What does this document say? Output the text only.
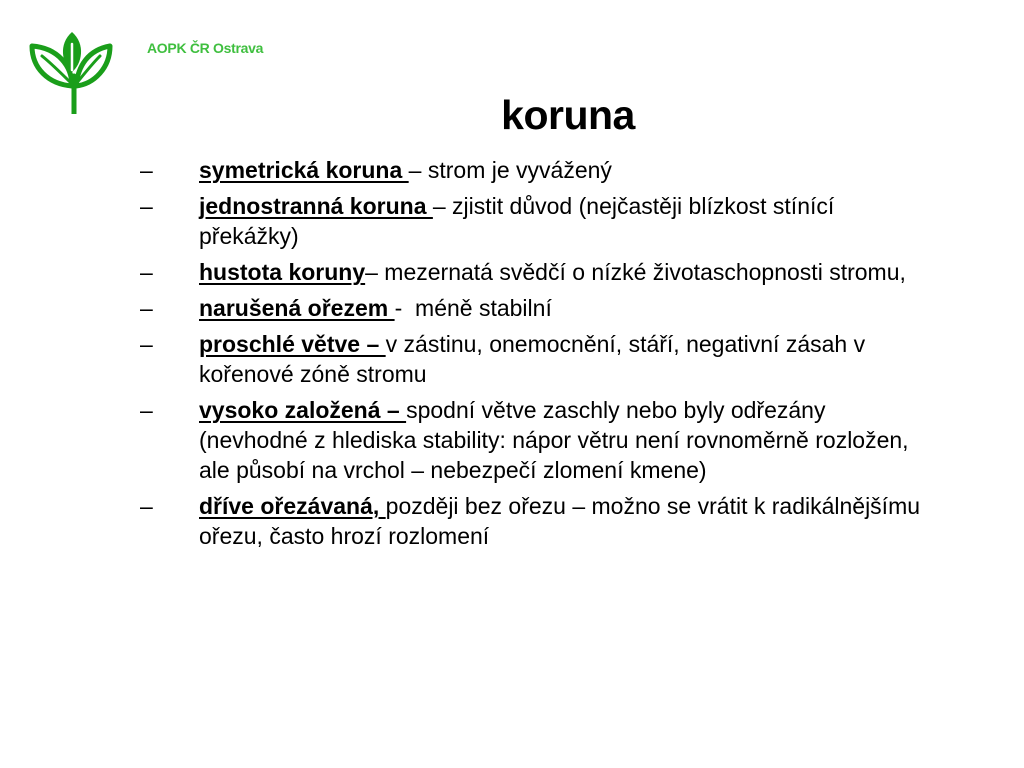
AOPK ČR Ostrava
koruna
– symetrická koruna – strom je vyvážený
– jednostranná koruna – zjistit důvod (nejčastěji blízkost stínící překážky)
– hustota koruny– mezernatá svědčí o nízké životaschopnosti stromu,
– narušená ořezem -  méně stabilní
– proschlé větve – v zástinu, onemocnění, stáří, negativní zásah v kořenové zóně stromu
– vysoko založená – spodní větve zaschly nebo byly odřezány (nevhodné z hlediska stability: nápor větru není rovnoměrně rozložen, ale působí na vrchol – nebezpečí zlomení kmene)
– dříve ořezávaná, později bez ořezu – možno se vrátit k radikálnějšímu ořezu, často hrozí rozlomení
